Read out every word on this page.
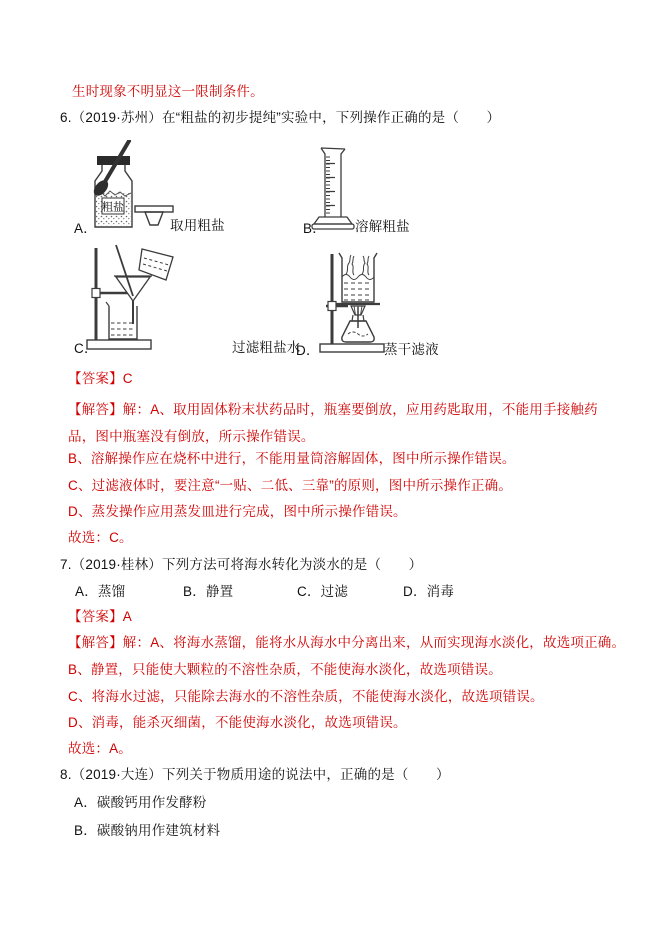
生时现象不明显这一限制条件。
6.（2019·苏州）在“粗盐的初步提纯”实验中，下列操作正确的是（　　）
粗盐
A．	取用粗盐	B． 溶解粗盐
C．	过滤粗盐水
D．	蒸干滤液
【答案】C
【解答】解：A、取用固体粉末状药品时，瓶塞要倒放，应用药匙取用，不能用手接触药品，图中瓶塞没有倒放，所示操作错误。
B、溶解操作应在烧杯中进行，不能用量筒溶解固体，图中所示操作错误。
C、过滤液体时，要注意“一贴、二低、三靠”的原则，图中所示操作正确。
D、蒸发操作应用蒸发皿进行完成，图中所示操作错误。
故选：C。
7.（2019·桂林）下列方法可将海水转化为淡水的是（　　）
A．蒸馏	B．静置	C．过滤	D．消毒
【答案】A
【解答】解：A、将海水蒸馏，能将水从海水中分离出来，从而实现海水淡化，故选项正确。
B、静置，只能使大颗粒的不溶性杂质，不能使海水淡化，故选项错误。
C、将海水过滤，只能除去海水的不溶性杂质，不能使海水淡化，故选项错误。
D、消毒，能杀灭细菌，不能使海水淡化，故选项错误。
故选：A。
8.（2019·大连）下列关于物质用途的说法中，正确的是（　　）
A．碳酸钙用作发酵粉
B．碳酸钠用作建筑材料
